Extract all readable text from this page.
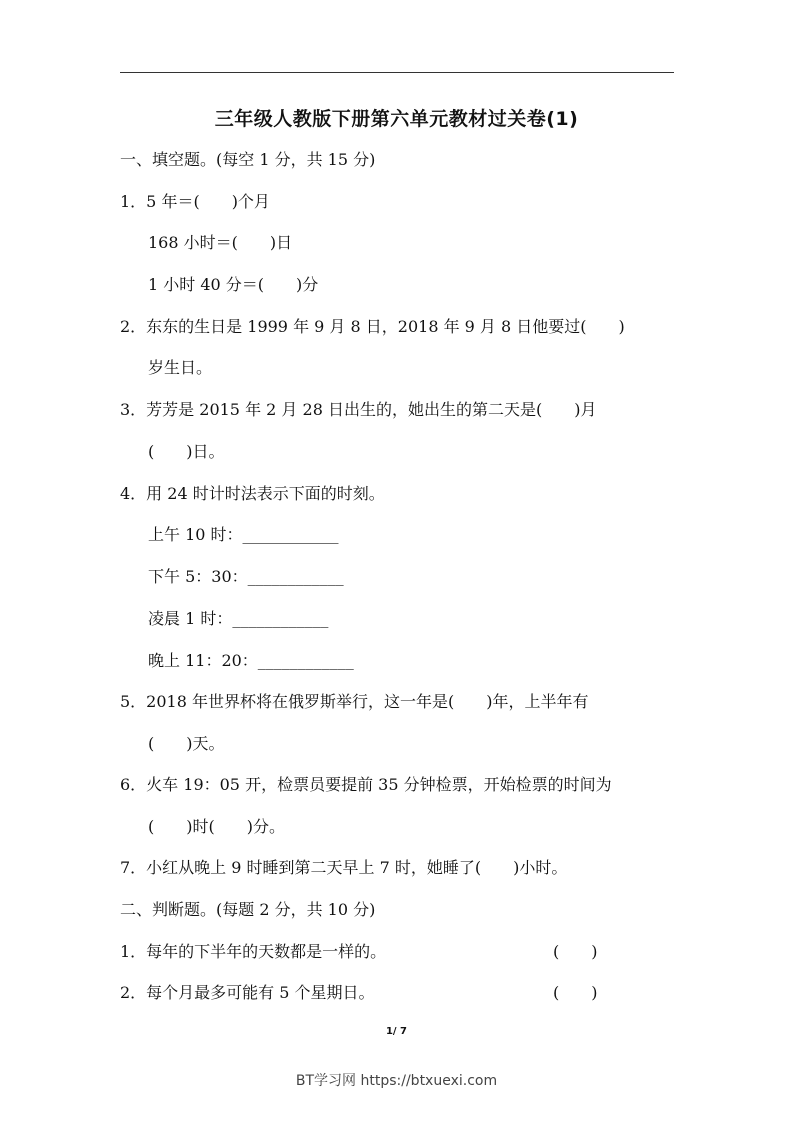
三年级人教版下册第六单元教材过关卷(1)
一、填空题。(每空 1 分，共 15 分)
1．5 年＝(　　)个月
168 小时＝(　　)日
1 小时 40 分＝(　　)分
2．东东的生日是 1999 年 9 月 8 日，2018 年 9 月 8 日他要过(　　)
岁生日。
3．芳芳是 2015 年 2 月 28 日出生的，她出生的第二天是(　　)月
(　　)日。
4．用 24 时计时法表示下面的时刻。
上午 10 时：____________
下午 5：30：____________
凌晨 1 时：____________
晚上 11：20：____________
5．2018 年世界杯将在俄罗斯举行，这一年是(　　)年，上半年有
(　　)天。
6．火车 19：05 开，检票员要提前 35 分钟检票，开始检票的时间为
(　　)时(　　)分。
7．小红从晚上 9 时睡到第二天早上 7 时，她睡了(　　)小时。
二、判断题。(每题 2 分，共 10 分)
1．每年的下半年的天数都是一样的。	(　　)
2．每个月最多可能有 5 个星期日。	(　　)
1/ 7
BT学习网 https://btxuexi.com
